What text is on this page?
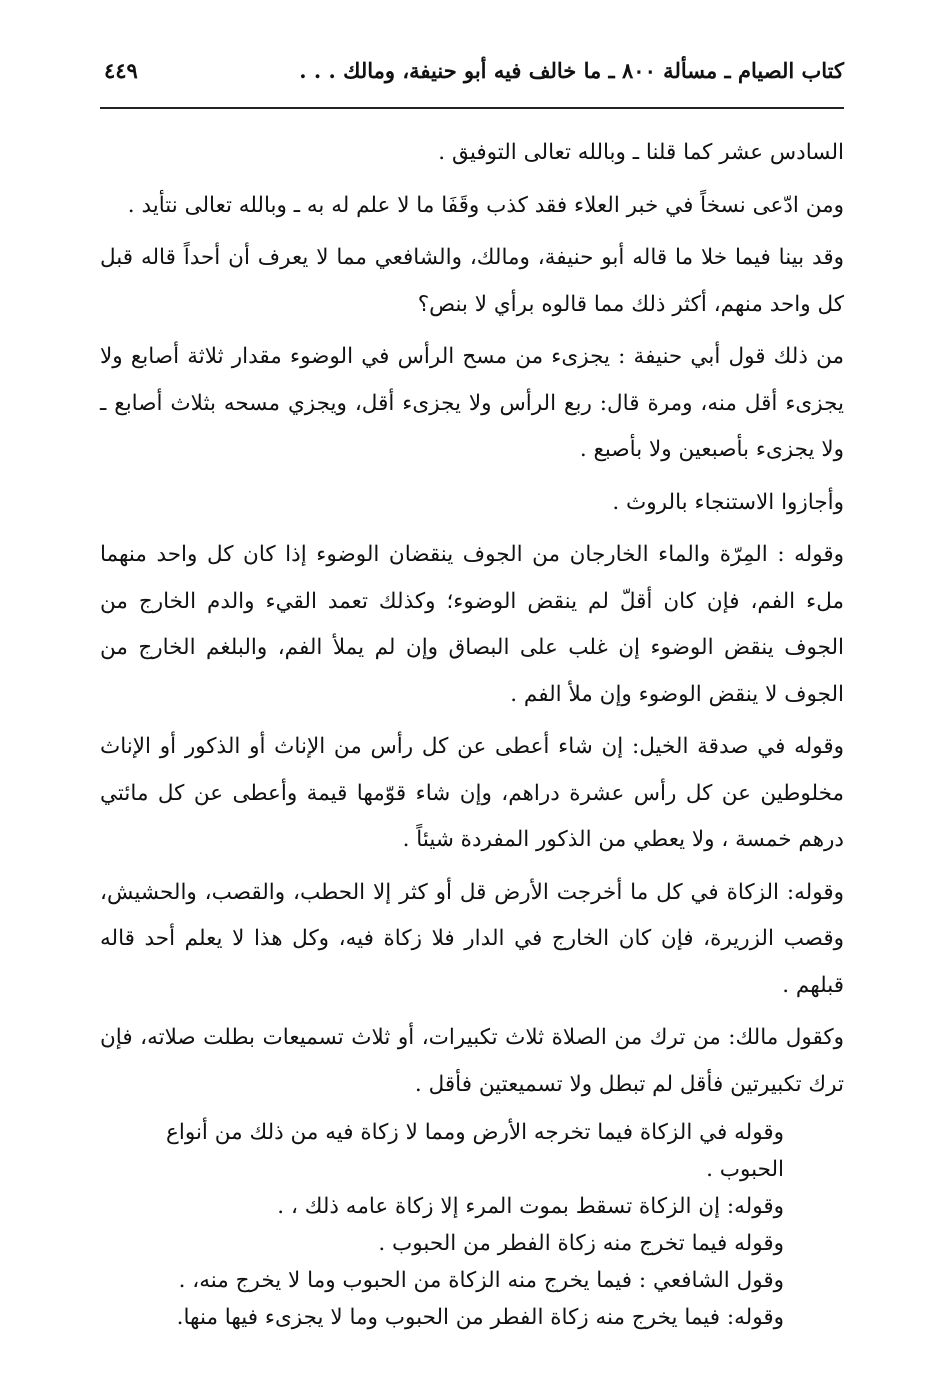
كتاب الصيام ـ مسألة ٨٠٠ ـ ما خالف فيه أبو حنيفة، ومالك . . .
٤٤٩

السادس عشر كما قلنا ـ وبالله تعالى التوفيق .

ومن ادّعى نسخاً في خبر العلاء فقد كذب وقَفَا ما لا علم له به ـ وبالله تعالى نتأيد .

وقد بينا فيما خلا ما قاله أبو حنيفة، ومالك، والشافعي مما لا يعرف أن أحداً قاله قبل كل واحد منهم، أكثر ذلك مما قالوه برأي لا بنص؟

من ذلك قول أبي حنيفة : يجزىء من مسح الرأس في الوضوء مقدار ثلاثة أصابع ولا يجزىء أقل منه، ومرة قال: ربع الرأس ولا يجزىء أقل، ويجزي مسحه بثلاث أصابع ـ ولا يجزىء بأصبعين ولا بأصبع .

وأجازوا الاستنجاء بالروث .

وقوله : المِرّة والماء الخارجان من الجوف ينقضان الوضوء إذا كان كل واحد منهما ملء الفم، فإن كان أقلّ لم ينقض الوضوء؛ وكذلك تعمد القيء والدم الخارج من الجوف ينقض الوضوء إن غلب على البصاق وإن لم يملأ الفم، والبلغم الخارج من الجوف لا ينقض الوضوء وإن ملأ الفم .

وقوله في صدقة الخيل: إن شاء أعطى عن كل رأس من الإناث أو الذكور أو الإناث مخلوطين عن كل رأس عشرة دراهم، وإن شاء قوّمها قيمة وأعطى عن كل مائتي درهم خمسة ، ولا يعطي من الذكور المفردة شيئاً .

وقوله: الزكاة في كل ما أخرجت الأرض قل أو كثر إلا الحطب، والقصب، والحشيش، وقصب الزريرة، فإن كان الخارج في الدار فلا زكاة فيه، وكل هذا لا يعلم أحد قاله قبلهم .

وكقول مالك: من ترك من الصلاة ثلاث تكبيرات، أو ثلاث تسميعات بطلت صلاته، فإن ترك تكبيرتين فأقل لم تبطل ولا تسميعتين فأقل .

وقوله في الزكاة فيما تخرجه الأرض ومما لا زكاة فيه من ذلك من أنواع الحبوب .

وقوله: إن الزكاة تسقط بموت المرء إلا زكاة عامه ذلك ، .

وقوله فيما تخرج منه زكاة الفطر من الحبوب .

وقول الشافعي : فيما يخرج منه الزكاة من الحبوب وما لا يخرج منه، .

وقوله: فيما يخرج منه زكاة الفطر من الحبوب وما لا يجزىء فيها منها.
